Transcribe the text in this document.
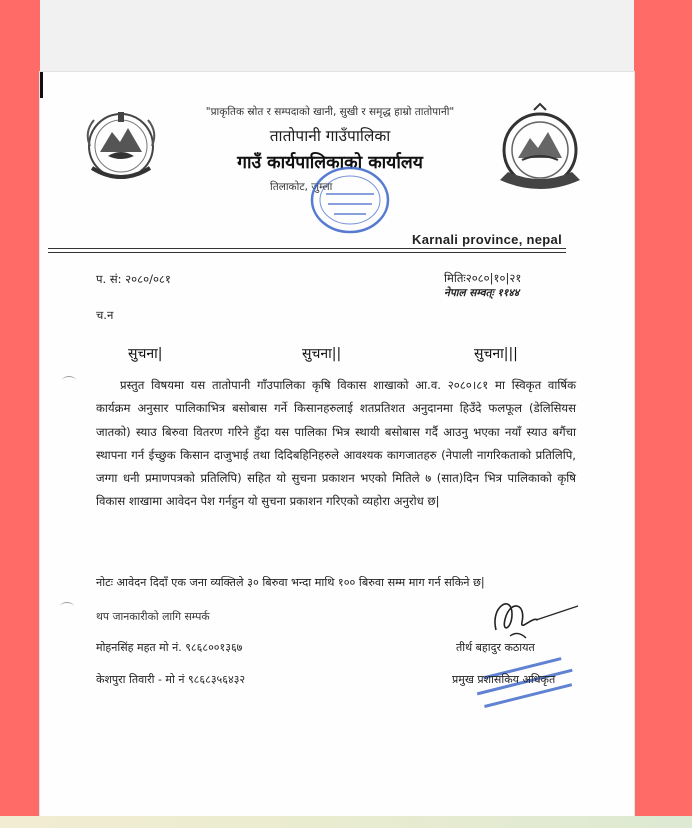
"प्राकृतिक स्रोत र सम्पदाको खानी, सुखी र समृद्ध हाम्रो तातोपानी"
तातोपानी गाउँपालिका
गाउँ कार्यपालिकाको कार्यालय
तिलाकोट, जुम्ला
Karnali province, nepal
प. सं: २०८०/०८१	मितिः२०८०|१०|२१
नेपाल सम्वत्ः ११४४
च.न
सुचना|	सुचना||	सुचना|||
प्रस्तुत विषयमा यस तातोपानी गाँउपालिका कृषि विकास शाखाको आ.व. २०८०।८१ मा स्विकृत वार्षिक कार्यक्रम अनुसार पालिकाभित्र बसोबास गर्ने किसानहरुलाई शतप्रतिशत अनुदानमा हिउँदे फलफूल (डेलिसियस जातको) स्याउ बिरुवा वितरण गरिने हुँदा यस पालिका भित्र स्थायी बसोबास गर्दै आउनु भएका नयाँ स्याउ बगैंचा स्थापना गर्न ईच्छुक किसान दाजुभाई तथा दिदिबहिनिहरुले आवश्यक कागजातहरु (नेपाली नागरिकताको प्रतिलिपि, जग्गा धनी प्रमाणपत्रको प्रतिलिपि) सहित यो सुचना प्रकाशन भएको मितिले ७ (सात)दिन भित्र पालिकाको कृषि विकास शाखामा आवेदन पेश गर्नहुन यो सुचना प्रकाशन गरिएको व्यहोरा अनुरोध छ|
नोटः आवेदन दिदाँ एक जना व्यक्तिले ३० बिरुवा भन्दा माथि १०० बिरुवा सम्म माग गर्न सकिने छ|
थप जानकारीको लागि सम्पर्क
मोहनसिंह महत मो नं. ९८६८००१३६७
केशपुरा तिवारी - मो नं ९८६८३५६४३२
तीर्थ बहादुर कठायत
प्रमुख प्रशासकिय अधिकृत
